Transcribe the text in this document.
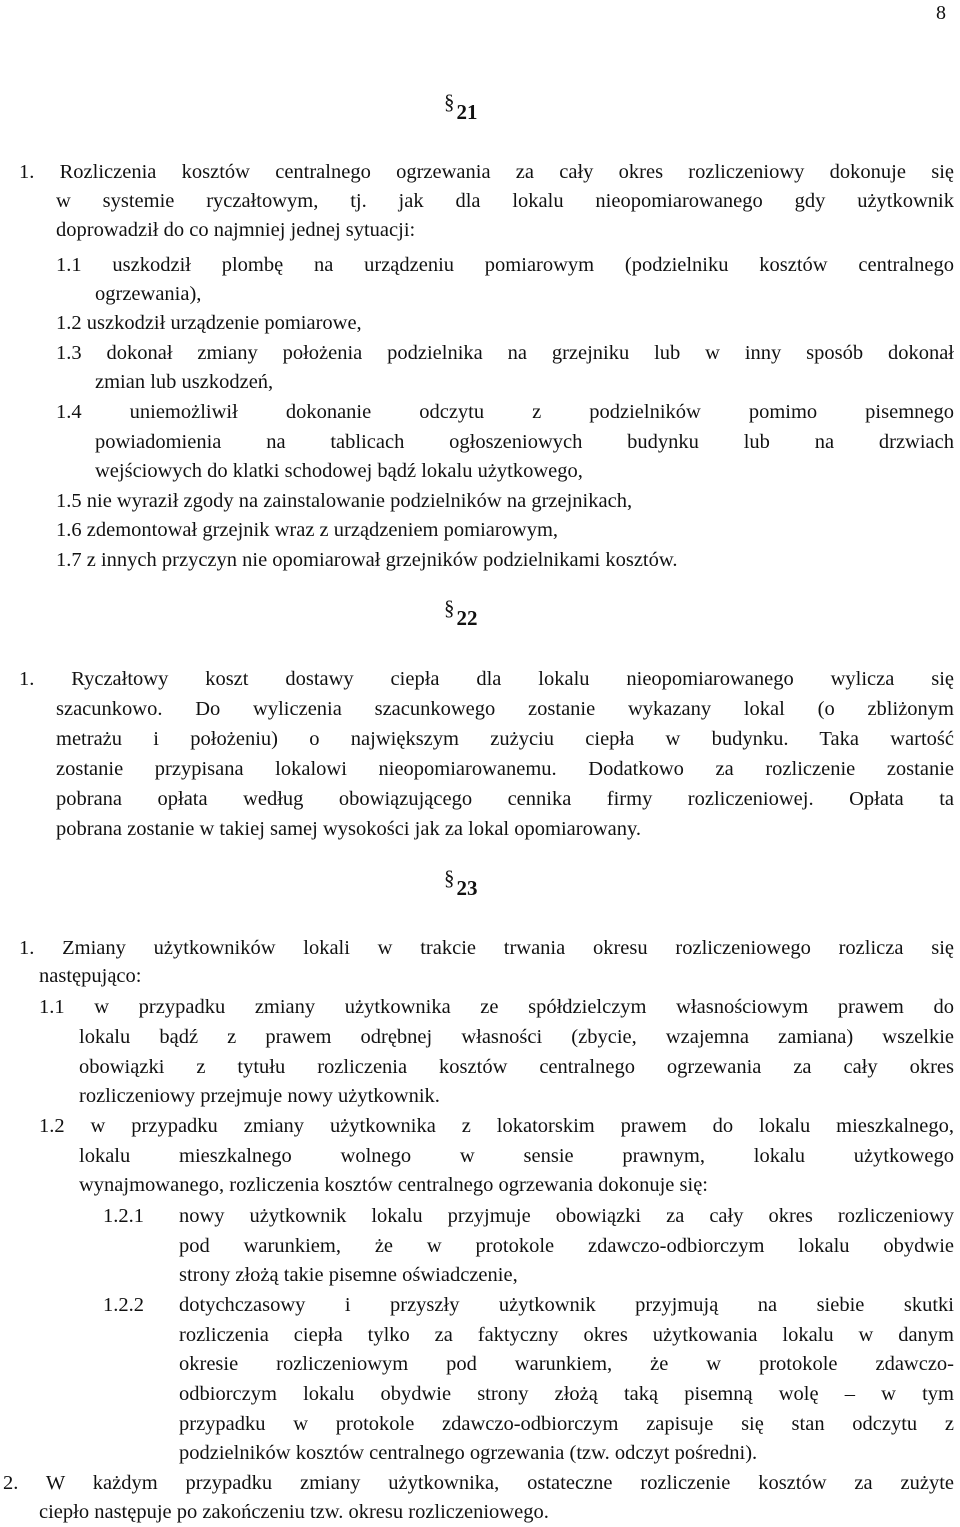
8
§21
1. Rozliczenia kosztów centralnego ogrzewania za cały okres rozliczeniowy dokonuje się
w systemie ryczałtowym, tj. jak dla lokalu nieopomiarowanego gdy użytkownik
doprowadził do co najmniej jednej sytuacji:
1.1 uszkodził plombę na urządzeniu pomiarowym (podzielniku kosztów centralnego
ogrzewania),
1.2 uszkodził urządzenie pomiarowe,
1.3 dokonał zmiany położenia podzielnika na grzejniku lub w inny sposób dokonał
zmian lub uszkodzeń,
1.4 uniemożliwił dokonanie odczytu z podzielników pomimo pisemnego
powiadomienia na tablicach ogłoszeniowych budynku lub na drzwiach
wejściowych do klatki schodowej bądź lokalu użytkowego,
1.5 nie wyraził zgody na zainstalowanie podzielników na grzejnikach,
1.6 zdemontował grzejnik wraz z urządzeniem pomiarowym,
1.7 z innych przyczyn nie opomiarował grzejników podzielnikami kosztów.
§22
1. Ryczałtowy koszt dostawy ciepła dla lokalu nieopomiarowanego wylicza się
szacunkowo. Do wyliczenia szacunkowego zostanie wykazany lokal (o zbliżonym
metrażu i położeniu) o największym zużyciu ciepła w budynku. Taka wartość
zostanie przypisana lokalowi nieopomiarowanemu. Dodatkowo za rozliczenie zostanie
pobrana opłata według obowiązującego cennika firmy rozliczeniowej. Opłata ta
pobrana zostanie w takiej samej wysokości jak za lokal opomiarowany.
§23
1. Zmiany użytkowników lokali w trakcie trwania okresu rozliczeniowego rozlicza się
następująco:
1.1 w przypadku zmiany użytkownika ze spółdzielczym własnościowym prawem do
lokalu bądź z prawem odrębnej własności (zbycie, wzajemna zamiana) wszelkie
obowiązki z tytułu rozliczenia kosztów centralnego ogrzewania za cały okres
rozliczeniowy przejmuje nowy użytkownik.
1.2 w przypadku zmiany użytkownika z lokatorskim prawem do lokalu mieszkalnego,
lokalu mieszkalnego wolnego w sensie prawnym, lokalu użytkowego
wynajmowanego, rozliczenia kosztów centralnego ogrzewania dokonuje się:
1.2.1 nowy użytkownik lokalu przyjmuje obowiązki za cały okres rozliczeniowy
pod warunkiem, że w protokole zdawczo-odbiorczym lokalu obydwie
strony złożą takie pisemne oświadczenie,
1.2.2 dotychczasowy i przyszły użytkownik przyjmują na siebie skutki
rozliczenia ciepła tylko za faktyczny okres użytkowania lokalu w danym
okresie rozliczeniowym pod warunkiem, że w protokole zdawczo-
odbiorczym lokalu obydwie strony złożą taką pisemną wolę – w tym
przypadku w protokole zdawczo-odbiorczym zapisuje się stan odczytu z
podzielników kosztów centralnego ogrzewania (tzw. odczyt pośredni).
2. W każdym przypadku zmiany użytkownika, ostateczne rozliczenie kosztów za zużyte
ciepło następuje po zakończeniu tzw. okresu rozliczeniowego.
